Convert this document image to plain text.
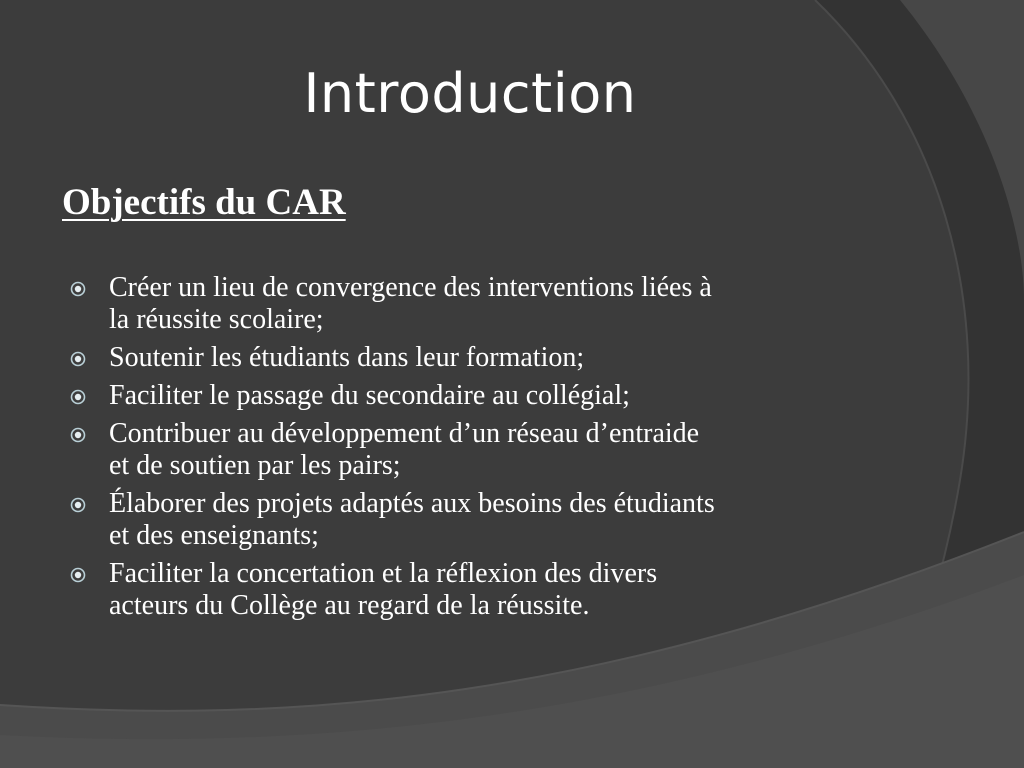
Introduction
Objectifs du CAR
Créer un lieu de convergence des interventions liées à
la réussite scolaire;
Soutenir les étudiants dans leur formation;
Faciliter le passage du secondaire au collégial;
Contribuer au développement d’un réseau d’entraide
et de soutien par les pairs;
Élaborer des projets adaptés aux besoins des étudiants
et des enseignants;
Faciliter la concertation et la réflexion des divers
acteurs du Collège au regard de la réussite.
